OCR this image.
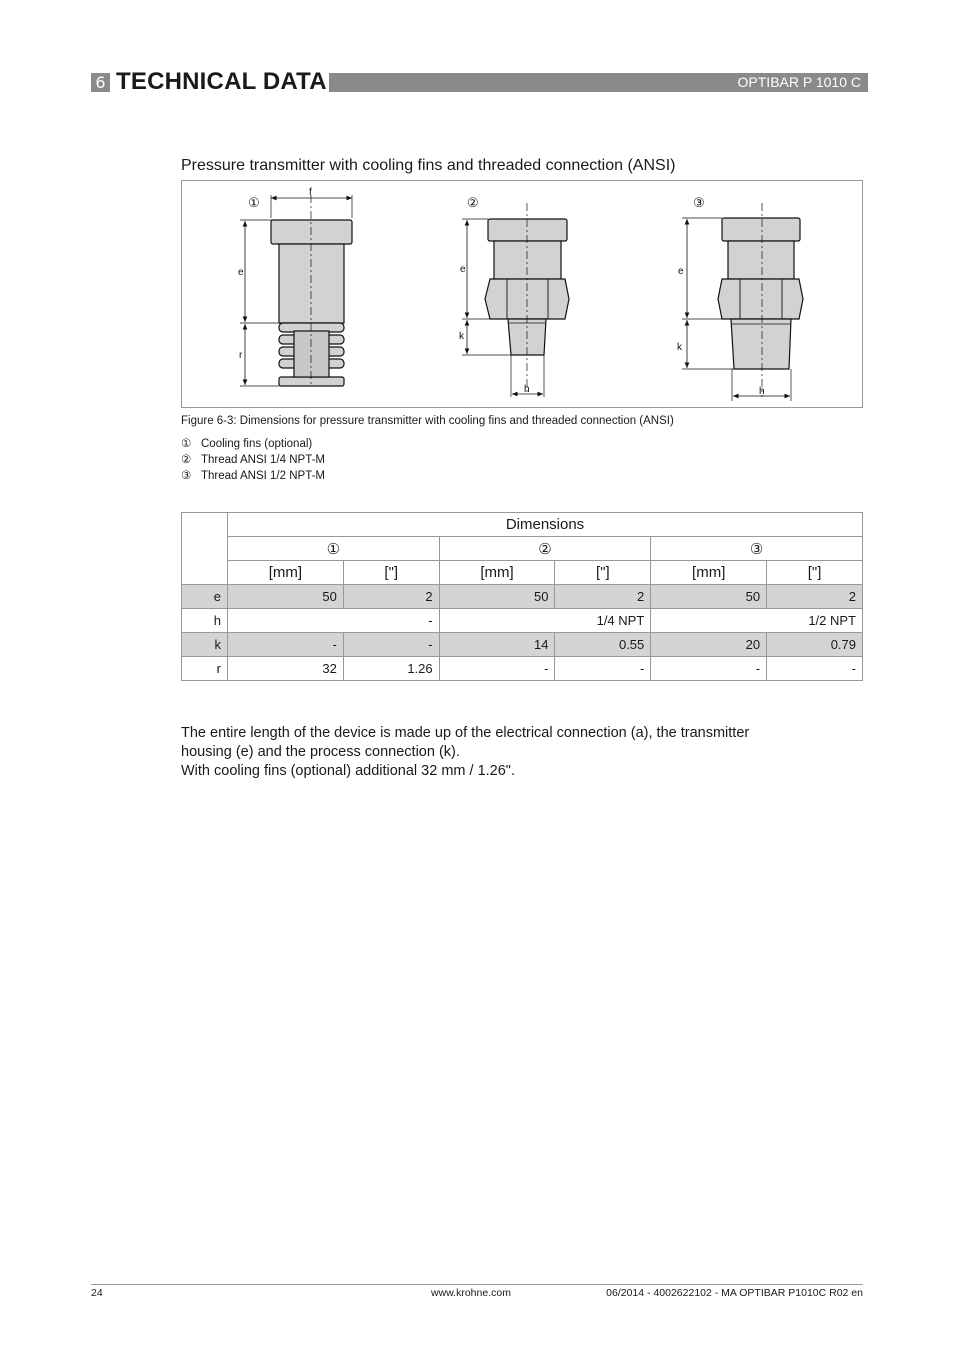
6 TECHNICAL DATA	OPTIBAR P 1010 C
Pressure transmitter with cooling fins and threaded connection (ANSI)
①
f
e
r
②
e
k
h
③
e
k
h
Figure 6-3: Dimensions for pressure transmitter with cooling fins and threaded connection (ANSI)
① Cooling fins (optional)
② Thread ANSI 1/4 NPT-M
③ Thread ANSI 1/2 NPT-M
	Dimensions					
	①		②		③	
	[mm]	["]	[mm]	["]	[mm]	["]
e	50	2	50	2	50	2
h	-		1/4 NPT		1/2 NPT	
k	-	-	14	0.55	20	0.79
r	32	1.26	-	-	-	-
The entire length of the device is made up of the electrical connection (a), the transmitter
housing (e) and the process connection (k).
With cooling fins (optional) additional 32 mm / 1.26".
24	www.krohne.com	06/2014 - 4002622102 - MA OPTIBAR P1010C R02 en
